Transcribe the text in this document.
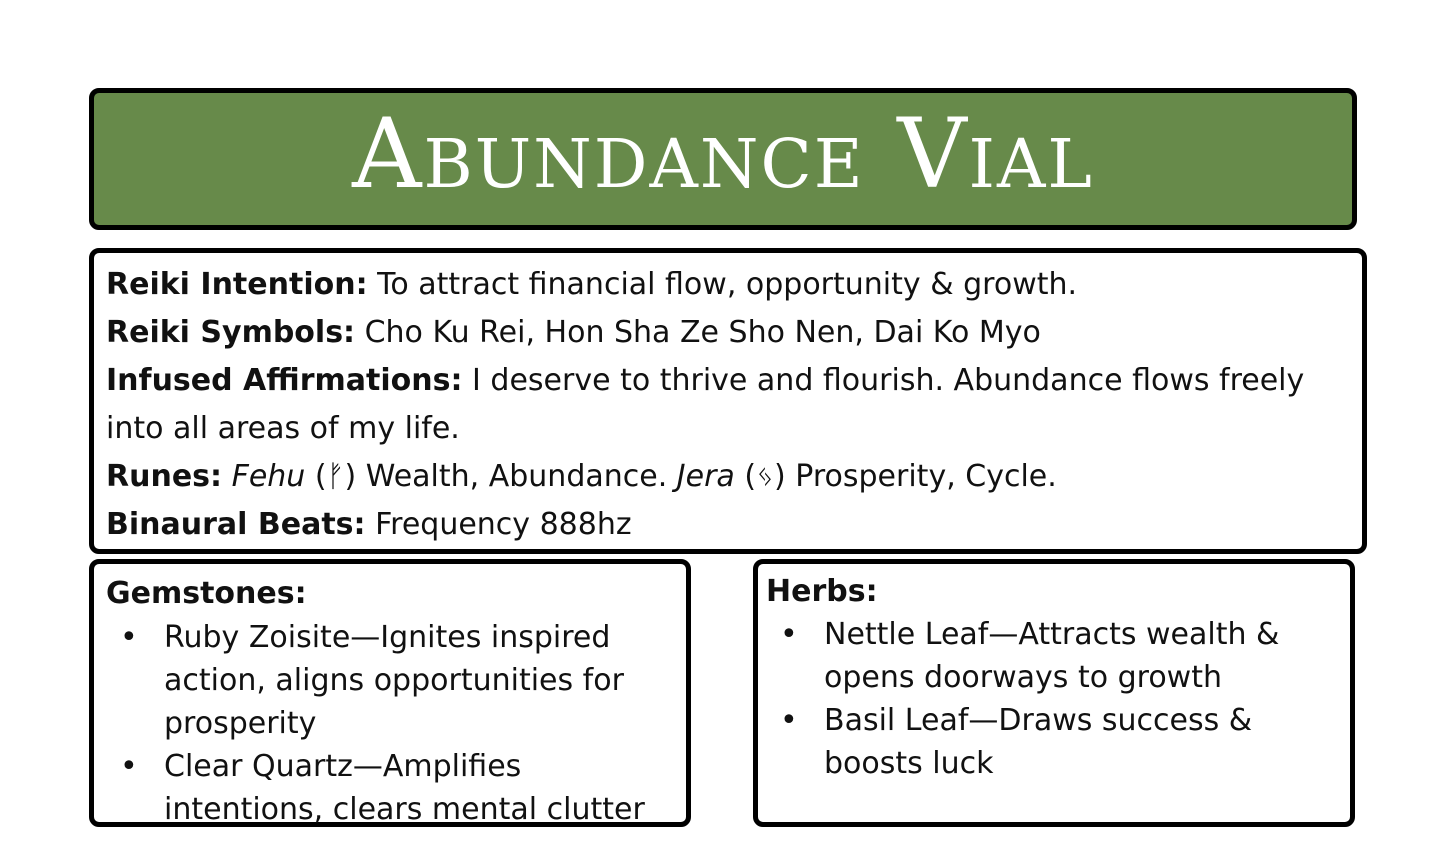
Abundance Vial
Reiki Intention: To attract financial flow, opportunity & growth.
Reiki Symbols: Cho Ku Rei, Hon Sha Ze Sho Nen, Dai Ko Myo
Infused Affirmations: I deserve to thrive and flourish. Abundance flows freely into all areas of my life.
Runes: Fehu (ᚠ) Wealth, Abundance. Jera (ᛃ) Prosperity, Cycle.
Binaural Beats: Frequency 888hz
Gemstones:
• Ruby Zoisite—Ignites inspired action, aligns opportunities for prosperity
• Clear Quartz—Amplifies intentions, clears mental clutter
Herbs:
• Nettle Leaf—Attracts wealth & opens doorways to growth
• Basil Leaf—Draws success & boosts luck
